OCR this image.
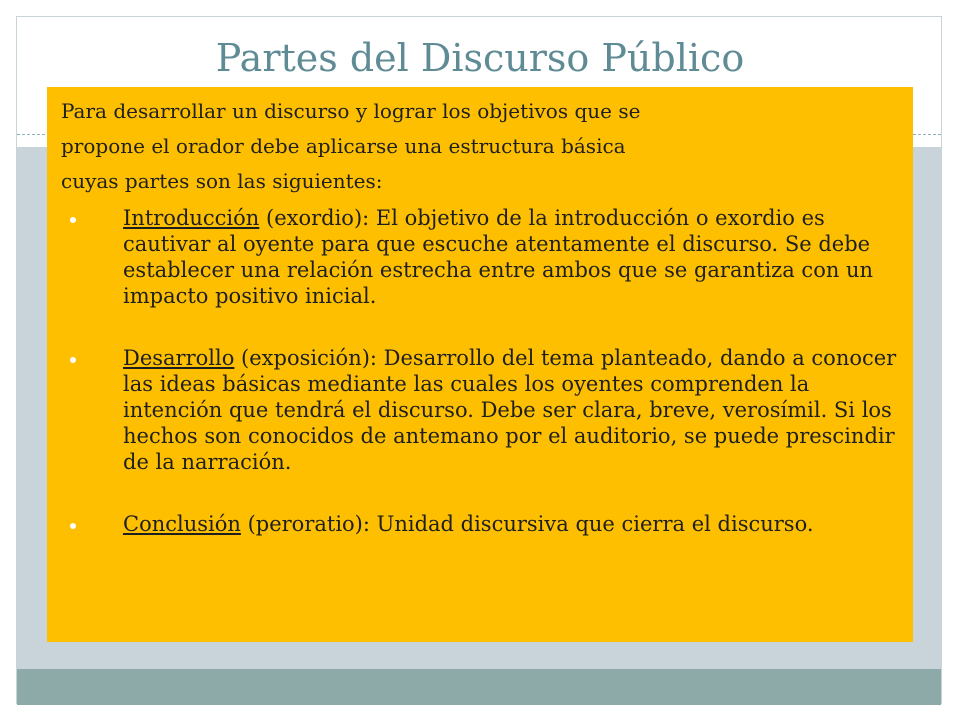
Partes del Discurso Público

Para desarrollar un discurso y lograr los objetivos que se

propone el orador debe aplicarse una estructura básica

cuyas partes son las siguientes:

Introducción (exordio): El objetivo de la introducción o exordio es cautivar al oyente para que escuche atentamente el discurso. Se debe establecer una relación estrecha entre ambos que se garantiza con un impacto positivo inicial.
Desarrollo (exposición): Desarrollo del tema planteado, dando a conocer las ideas básicas mediante las cuales los oyentes comprenden la intención que tendrá el discurso. Debe ser clara, breve, verosímil. Si los hechos son conocidos de antemano por el auditorio, se puede prescindir de la narración.
Conclusión (peroratio): Unidad discursiva que cierra el discurso.
